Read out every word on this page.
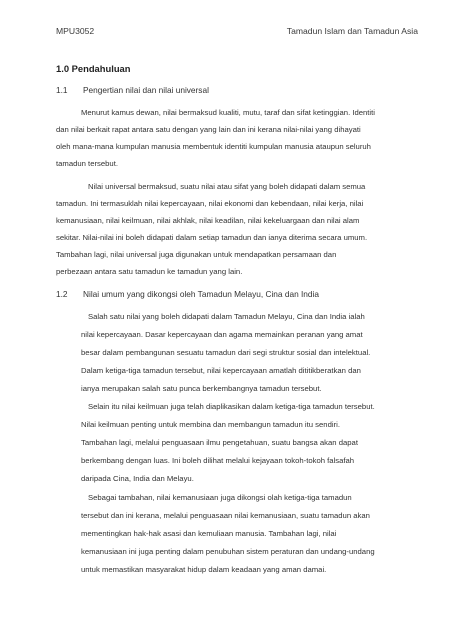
MPU3052	Tamadun Islam dan Tamadun Asia
1.0 Pendahuluan
1.1 Pengertian nilai dan nilai universal
Menurut kamus dewan, nilai bermaksud kualiti, mutu, taraf dan sifat ketinggian. Identiti
dan nilai berkait rapat antara satu dengan yang lain dan ini kerana nilai-nilai yang dihayati
oleh mana-mana kumpulan manusia membentuk identiti kumpulan manusia ataupun seluruh
tamadun tersebut.
Nilai universal bermaksud, suatu nilai atau sifat yang boleh didapati dalam semua
tamadun. Ini termasuklah nilai kepercayaan, nilai ekonomi dan kebendaan, nilai kerja, nilai
kemanusiaan, nilai keilmuan, nilai akhlak, nilai keadilan, nilai kekeluargaan dan nilai alam
sekitar. Nilai-nilai ini boleh didapati dalam setiap tamadun dan ianya diterima secara umum.
Tambahan lagi, nilai universal juga digunakan untuk mendapatkan persamaan dan
perbezaan antara satu tamadun ke tamadun yang lain.
1.2 Nilai umum yang dikongsi oleh Tamadun Melayu, Cina dan India
Salah satu nilai yang boleh didapati dalam Tamadun Melayu, Cina dan India ialah
nilai kepercayaan. Dasar kepercayaan dan agama memainkan peranan yang amat
besar dalam pembangunan sesuatu tamadun dari segi struktur sosial dan intelektual.
Dalam ketiga-tiga tamadun tersebut, nilai kepercayaan amatlah dititikberatkan dan
ianya merupakan salah satu punca berkembangnya tamadun tersebut.
Selain itu nilai keilmuan juga telah diaplikasikan dalam ketiga-tiga tamadun tersebut.
Nilai keilmuan penting untuk membina dan membangun tamadun itu sendiri.
Tambahan lagi, melalui penguasaan ilmu pengetahuan, suatu bangsa akan dapat
berkembang dengan luas. Ini boleh dilihat melalui kejayaan tokoh-tokoh falsafah
daripada Cina, India dan Melayu.
Sebagai tambahan, nilai kemanusiaan juga dikongsi olah ketiga-tiga tamadun
tersebut dan ini kerana, melalui penguasaan nilai kemanusiaan, suatu tamadun akan
mementingkan hak-hak asasi dan kemuliaan manusia. Tambahan lagi, nilai
kemanusiaan ini juga penting dalam penubuhan sistem peraturan dan undang-undang
untuk memastikan masyarakat hidup dalam keadaan yang aman damai.
